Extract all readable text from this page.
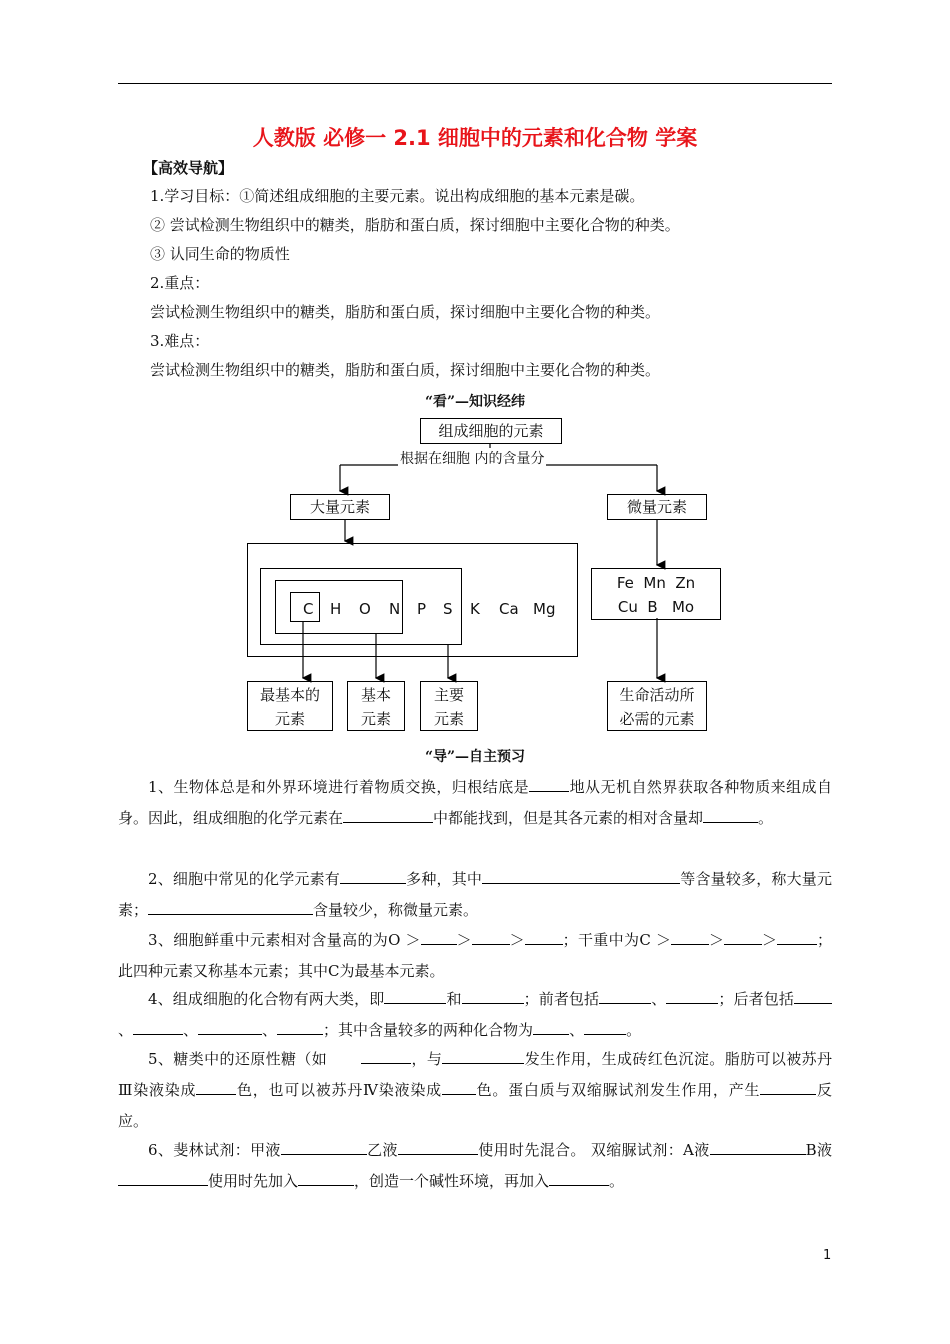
人教版 必修一 2.1 细胞中的元素和化合物 学案
【高效导航】
1.学习目标：①简述组成细胞的主要元素。说出构成细胞的基本元素是碳。
② 尝试检测生物组织中的糖类，脂肪和蛋白质，探讨细胞中主要化合物的种类。
③ 认同生命的物质性
2.重点：
尝试检测生物组织中的糖类，脂肪和蛋白质，探讨细胞中主要化合物的种类。
3.难点：
尝试检测生物组织中的糖类，脂肪和蛋白质，探讨细胞中主要化合物的种类。
“看”—知识经纬
组成细胞的元素
根据在细胞 内的含量分
大量元素	微量元素
C H O N P S K Ca Mg
Fe  Mn  Zn
Cu  B   Mo
最基本的
元素
基本
元素
主要
元素
生命活动所
必需的元素
“导”—自主预习
1、生物体总是和外界环境进行着物质交换，归根结底是	地从无机自然界获取各种物质来组成自身。因此，组成细胞的化学元素在	中都能找到，但是其各元素的相对含量却	。
2、细胞中常见的化学元素有	多种，其中	等含量较多，称大量元素；	含量较少，称微量元素。
3、细胞鲜重中元素相对含量高的为O ＞ ＞	＞	；干重中为C ＞	＞	＞	；此四种元素又称基本元素；其中C为最基本元素。
4、组成细胞的化合物有两大类，即	和	；前者包括	、	；后者包括、	、	、	；其中含量较多的两种化合物为 、	。
5、糖类中的还原性糖（如	，与	发生作用，生成砖红色沉淀。脂肪可以被苏丹Ⅲ染液染成	色，也可以被苏丹Ⅳ染液染成 色。蛋白质与双缩脲试剂发生作用，产生	反应。
6、斐林试剂：甲液	乙液	使用时先混合。 双缩脲试剂：A液	B液使用时先加入	，创造一个碱性环境，再加入	。
1
